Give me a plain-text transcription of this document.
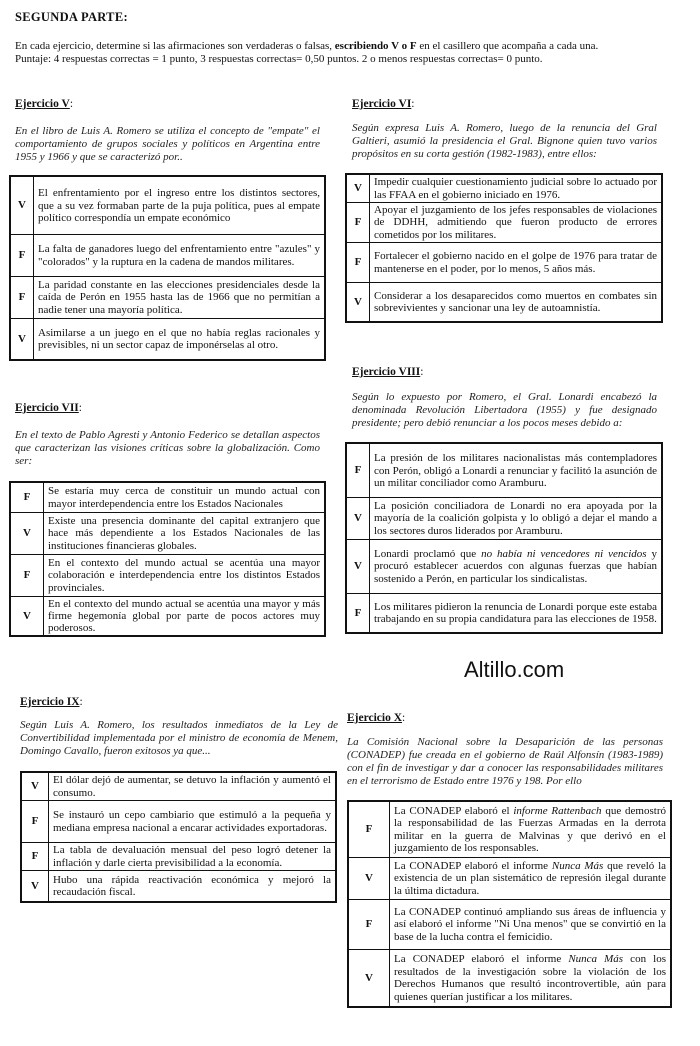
SEGUNDA PARTE:
En cada ejercicio, determine si las afirmaciones son verdaderas o falsas, escribiendo V o F en el casillero que acompaña a cada una.
Puntaje: 4 respuestas correctas = 1 punto, 3 respuestas correctas= 0,50 puntos. 2 o menos respuestas correctas= 0 punto.
Altillo.com
Ejercicio V:
En el libro de Luis A. Romero se utiliza el concepto de "empate" el comportamiento de grupos sociales y políticos en Argentina entre 1955 y 1966 y que se caracterizó por..
V	El enfrentamiento por el ingreso entre los distintos sectores, que a su vez formaban parte de la puja política, pues al empate político correspondía un empate económico
F	La falta de ganadores luego del enfrentamiento entre "azules" y "colorados" y la ruptura en la cadena de mandos militares.
F	La paridad constante en las elecciones presidenciales desde la caída de Perón en 1955 hasta las de 1966 que no permitían a nadie tener una mayoría política.
V	Asimilarse a un juego en el que no había reglas racionales y previsibles, ni un sector capaz de imponérselas al otro.
Ejercicio VI:
Según expresa Luis A. Romero, luego de la renuncia del Gral Galtieri, asumió la presidencia el Gral. Bignone quien tuvo varios propósitos en su corta gestión (1982-1983), entre ellos:
V	Impedir cualquier cuestionamiento judicial sobre lo actuado por las FFAA en el gobierno iniciado en 1976.
F	Apoyar el juzgamiento de los jefes responsables de violaciones de DDHH, admitiendo que fueron producto de errores cometidos por los militares.
F	Fortalecer el gobierno nacido en el golpe de 1976 para tratar de mantenerse en el poder, por lo menos, 5 años más.
V	Considerar a los desaparecidos como muertos en combates sin sobrevivientes y sancionar una ley de autoamnistía.
Ejercicio VII:
En el texto de Pablo Agresti y Antonio Federico se detallan aspectos que caracterizan las visiones críticas sobre la globalización. Como ser:
F	Se estaría muy cerca de constituir un mundo actual con mayor interdependencia entre los Estados Nacionales
V	Existe una presencia dominante del capital extranjero que hace más dependiente a los Estados Nacionales de las instituciones financieras globales.
F	En el contexto del mundo actual se acentúa una mayor colaboración e interdependencia entre los distintos Estados provinciales.
V	En el contexto del mundo actual se acentúa una mayor y más firme hegemonía global por parte de pocos actores muy poderosos.
Ejercicio VIII:
Según lo expuesto por Romero, el Gral. Lonardi encabezó la denominada Revolución Libertadora (1955) y fue designado presidente; pero debió renunciar a los pocos meses debido a:
F	La presión de los militares nacionalistas más contempladores con Perón, obligó a Lonardi a renunciar y facilitó la asunción de un militar conciliador como Aramburu.
V	La posición conciliadora de Lonardi no era apoyada por la mayoría de la coalición golpista y lo obligó a dejar el mando a los sectores duros liderados por Aramburu.
V	Lonardi proclamó que no había ni vencedores ni vencidos y procuró establecer acuerdos con algunas fuerzas que habían sostenido a Perón, en particular los sindicalistas.
F	Los militares pidieron la renuncia de Lonardi porque este estaba trabajando en su propia candidatura para las elecciones de 1958.
Ejercicio IX:
Según Luis A. Romero, los resultados inmediatos de la Ley de Convertibilidad implementada por el ministro de economía de Menem, Domingo Cavallo, fueron exitosos ya que...
V	El dólar dejó de aumentar, se detuvo la inflación y aumentó el consumo.
F	Se instauró un cepo cambiario que estimuló a la pequeña y mediana empresa nacional a encarar actividades exportadoras.
F	La tabla de devaluación mensual del peso logró detener la inflación y darle cierta previsibilidad a la economía.
V	Hubo una rápida reactivación económica y mejoró la recaudación fiscal.
Ejercicio X:
La Comisión Nacional sobre la Desaparición de las personas (CONADEP) fue creada en el gobierno de Raúl Alfonsín (1983-1989) con el fin de investigar y dar a conocer las responsabilidades militares en el terrorismo de Estado entre 1976 y 198. Por ello
F	La CONADEP elaboró el informe Rattenbach que demostró la responsabilidad de las Fuerzas Armadas en la derrota militar en la guerra de Malvinas y que derivó en el juzgamiento de los responsables.
V	La CONADEP elaboró el informe Nunca Más que reveló la existencia de un plan sistemático de represión ilegal durante la última dictadura.
F	La CONADEP continuó ampliando sus áreas de influencia y así elaboró el informe "Ni Una menos" que se convirtió en la base de la lucha contra el femicidio.
V	La CONADEP elaboró el informe Nunca Más con los resultados de la investigación sobre la violación de los Derechos Humanos que resultó incontrovertible, aún para quienes querían justificar a los militares.
